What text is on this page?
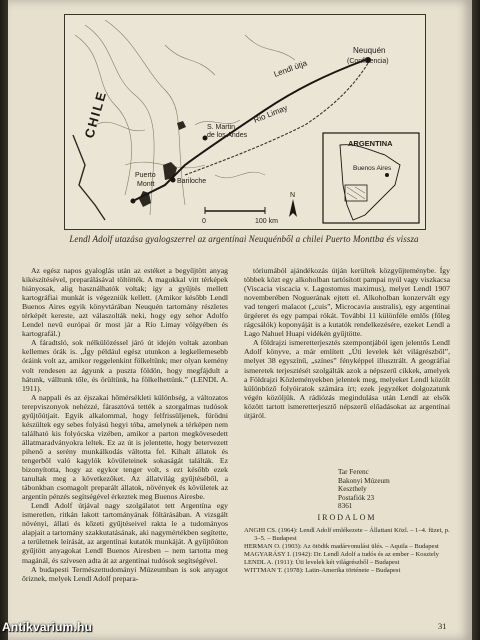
Lendl útja
Neuquén
(Confluencia)
Rio Limay
S. Martin
de los Andes
CHILE
Bariloche
Puerto
Montt
0	100 km
N
ARGENTINA
Buenos Aires
Lendl Adolf utazása gyalogszerrel az argentínai Neuquénből a chilei Puerto Monttba és vissza

Az egész napos gyaloglás után az estéket a begyűjtött anyag kikészítésével, preparálásával töltötték. A magukkal vitt térképek hiányosak, alig használhatók voltak; így a gyűjtés mellett kartográfiai munkát is végezniük kellett. (Amikor később Lendl Buenos Aires egyik könyvtárában Neuquén tartomány részletes térképét kereste, azt válaszolták neki, hogy egy sehor Adolfo Lendel nevű európai őr most jár a Río Limay völgyében és kartografál.)

A fáradtsló, sok nélkülözéssel járó út idején voltak azonban kellemes órák is. „Így például egész utunkon a legkellemesebb óráink volt az, amikor reggelenkint fölkeltünk; mer olyan kemény volt rendesen az ágyunk a puszta földön, hogy megfájdult a hátunk, válltunk tőle, és örültünk, ha fölkelhettünk.” (LENDL A. 1911).

A nappali és az éjszakai hőmérsékleti különbség, a változatos terepviszonyok nehézzé, fárasztóvá tették a szorgalmas tudósok gyűjtőútjait. Egyik alkalommal, hogy felfrissüljenek, fürödni készültek egy sebes folyású hegyi tóba, amelynek a térképen nem található kis folyócska vizében, amikor a parton megkövesedett állatmaradványokra leltek. Ez az út is jelentette, hogy betervezett pihenő a serény munkálkodás váltotta fel. Kihalt állatok és tengerből való kagylók kövületeinek sokaságát találták. Ez bizonyította, hogy az egykor tenger volt, s ezt később ezek tanultak meg a következőket. Az állatvilág gyűjtéséből, a tábonkban csomagolt preparált állatok, növények és kövületek az argentín pénzés segítségével érkeztek meg Buenos Airesbe.

Lendl Adolf útjával nagy szolgálatot tett Argentína egy ismeretlen, ritkán lakott tartományának föltárásában. A vizsgált növényi, állati és kőzeti gyűjtéseivel rakta le a tudományos alapjait a tartomány szakkutatásának, aki nagymértékben segítette, a területnek leírását, az argentínai kutatók munkáját. A gyűjtőúton gyűjtött anyagokat Lendl Buenos Airesben – nem tartotta meg magánál, és szívesen adta át az argentínai tudósok segítségével.

A budapesti Természettudományi Múzeumban is sok anyagot őriznek, melyek Lendl Adolf prepara-

tóriumából ajándékozás útján kerültek közgyűjteménybe. Így többek közt egy alkoholban tartósított pampai nyúl vagy viszkacsa (Viscacia viscacia v. Lagostomus maximus), melyet Lendl 1907 novemberében Noguerának ejtett el. Alkoholban konzervált egy vad tengeri malacot („cuis”, Microcavia australis), egy argentinai ürgéeret és egy pampai rókát. További 11 különféle emlős (főleg rágcsálók) koponyáját is a kutatók rendelkezésére, ezeket Lendl a Lago Nahuel Huapi vidékén gyűjtötte.

A földrajzi ismeretterjesztés szempontjából igen jelentős Lendl Adolf könyve, a már említett „Úti levelek két világrészből”, melyet 38 egyszínű, „színes” fényképpel illusztrált. A geográfiai ismeretek terjesztését szolgálták azok a népszerű cikkek, amelyek a Földrajzi Közleményekben jelentek meg, melyeket Lendl közölt különböző folyóiratok számára írt; ezek jegyzéket dolgozatunk végén közöljük. A rádiózás megindulása után Lendl az elsők között tartott ismeretterjesztő népszerű előadásokat az argentínai útjáról.

Tar Ferenc
Bakonyi Múzeum
Keszthely
Postafiók 23
8361
IRODALOM
ANGHI CS. (1964): Lendl Adolf emlékezete – Állattani Közl. – 1–4. füzet, p. 3–5. – Budapest
HERMAN O. (1903): Az ötödik madárvonulási ülés. – Aquila – Budapest
MAGYARÁSY I. (1942): Dr. Lendl Adolf a tudós és az ember – Kosztely
LENDL A. (1911): Úti levelek két világrészből – Budapest
WITTMAN T. (1978): Latin-Amerika története – Budapest
31
Antikvarium.hu
